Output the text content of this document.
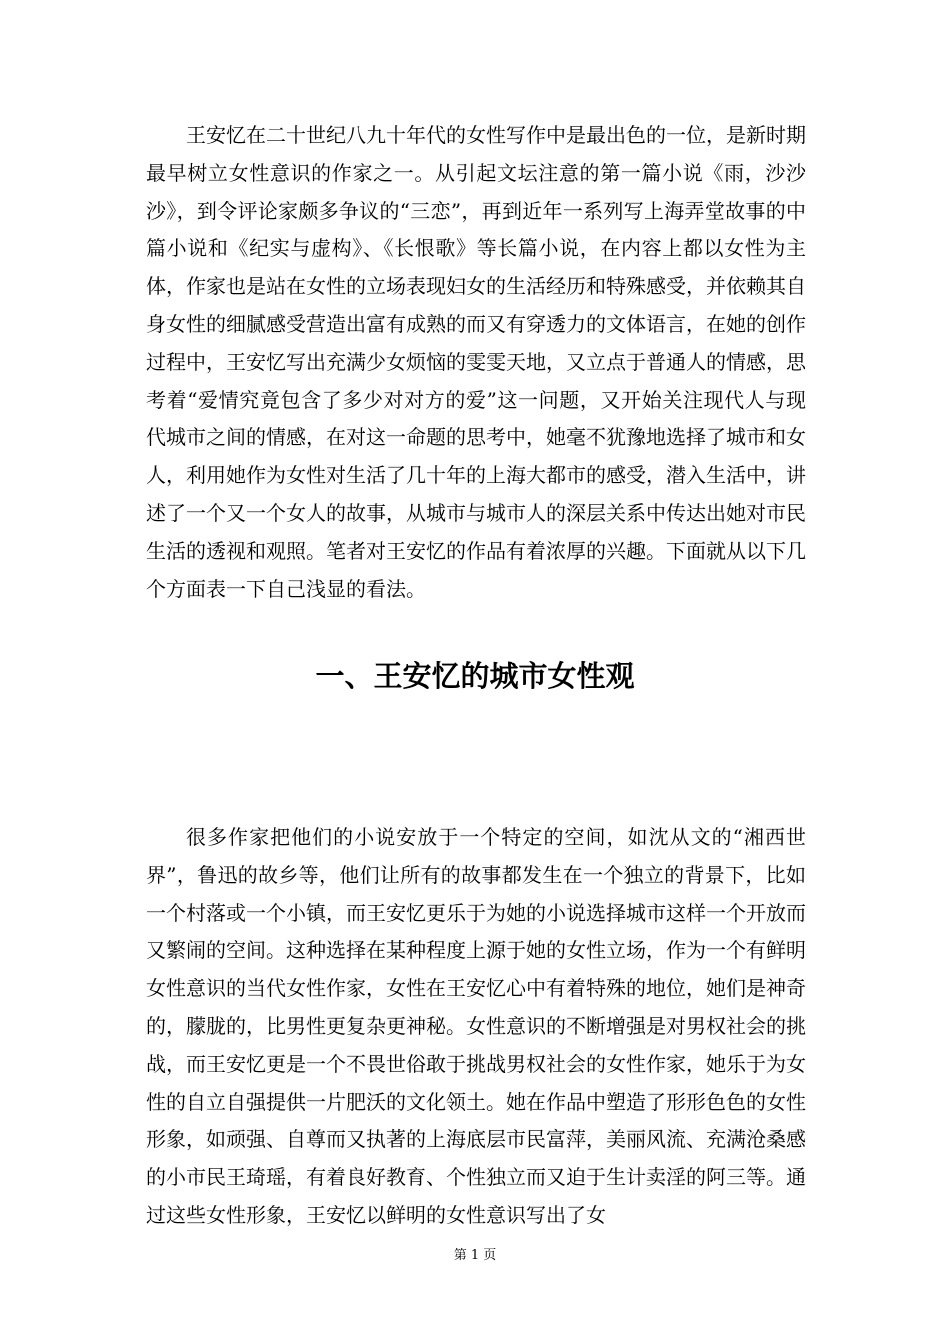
王安忆在二十世纪八九十年代的女性写作中是最出色的一位，是新时期最早树立女性意识的作家之一。从引起文坛注意的第一篇小说《雨，沙沙沙》，到令评论家颇多争议的“三恋”，再到近年一系列写上海弄堂故事的中篇小说和《纪实与虚构》、《长恨歌》等长篇小说，在内容上都以女性为主体，作家也是站在女性的立场表现妇女的生活经历和特殊感受，并依赖其自身女性的细腻感受营造出富有成熟的而又有穿透力的文体语言，在她的创作过程中，王安忆写出充满少女烦恼的雯雯天地，又立点于普通人的情感，思考着“爱情究竟包含了多少对对方的爱”这一问题，又开始关注现代人与现代城市之间的情感，在对这一命题的思考中，她毫不犹豫地选择了城市和女人，利用她作为女性对生活了几十年的上海大都市的感受，潜入生活中，讲述了一个又一个女人的故事，从城市与城市人的深层关系中传达出她对市民生活的透视和观照。笔者对王安忆的作品有着浓厚的兴趣。下面就从以下几个方面表一下自己浅显的看法。

一、王安忆的城市女性观

很多作家把他们的小说安放于一个特定的空间，如沈从文的“湘西世界”，鲁迅的故乡等，他们让所有的故事都发生在一个独立的背景下，比如一个村落或一个小镇，而王安忆更乐于为她的小说选择城市这样一个开放而又繁闹的空间。这种选择在某种程度上源于她的女性立场，作为一个有鲜明女性意识的当代女性作家，女性在王安忆心中有着特殊的地位，她们是神奇的，朦胧的，比男性更复杂更神秘。女性意识的不断增强是对男权社会的挑战，而王安忆更是一个不畏世俗敢于挑战男权社会的女性作家，她乐于为女性的自立自强提供一片肥沃的文化领土。她在作品中塑造了形形色色的女性形象，如顽强、自尊而又执著的上海底层市民富萍，美丽风流、充满沧桑感的小市民王琦瑶，有着良好教育、个性独立而又迫于生计卖淫的阿三等。通过这些女性形象，王安忆以鲜明的女性意识写出了女

第 1 页
